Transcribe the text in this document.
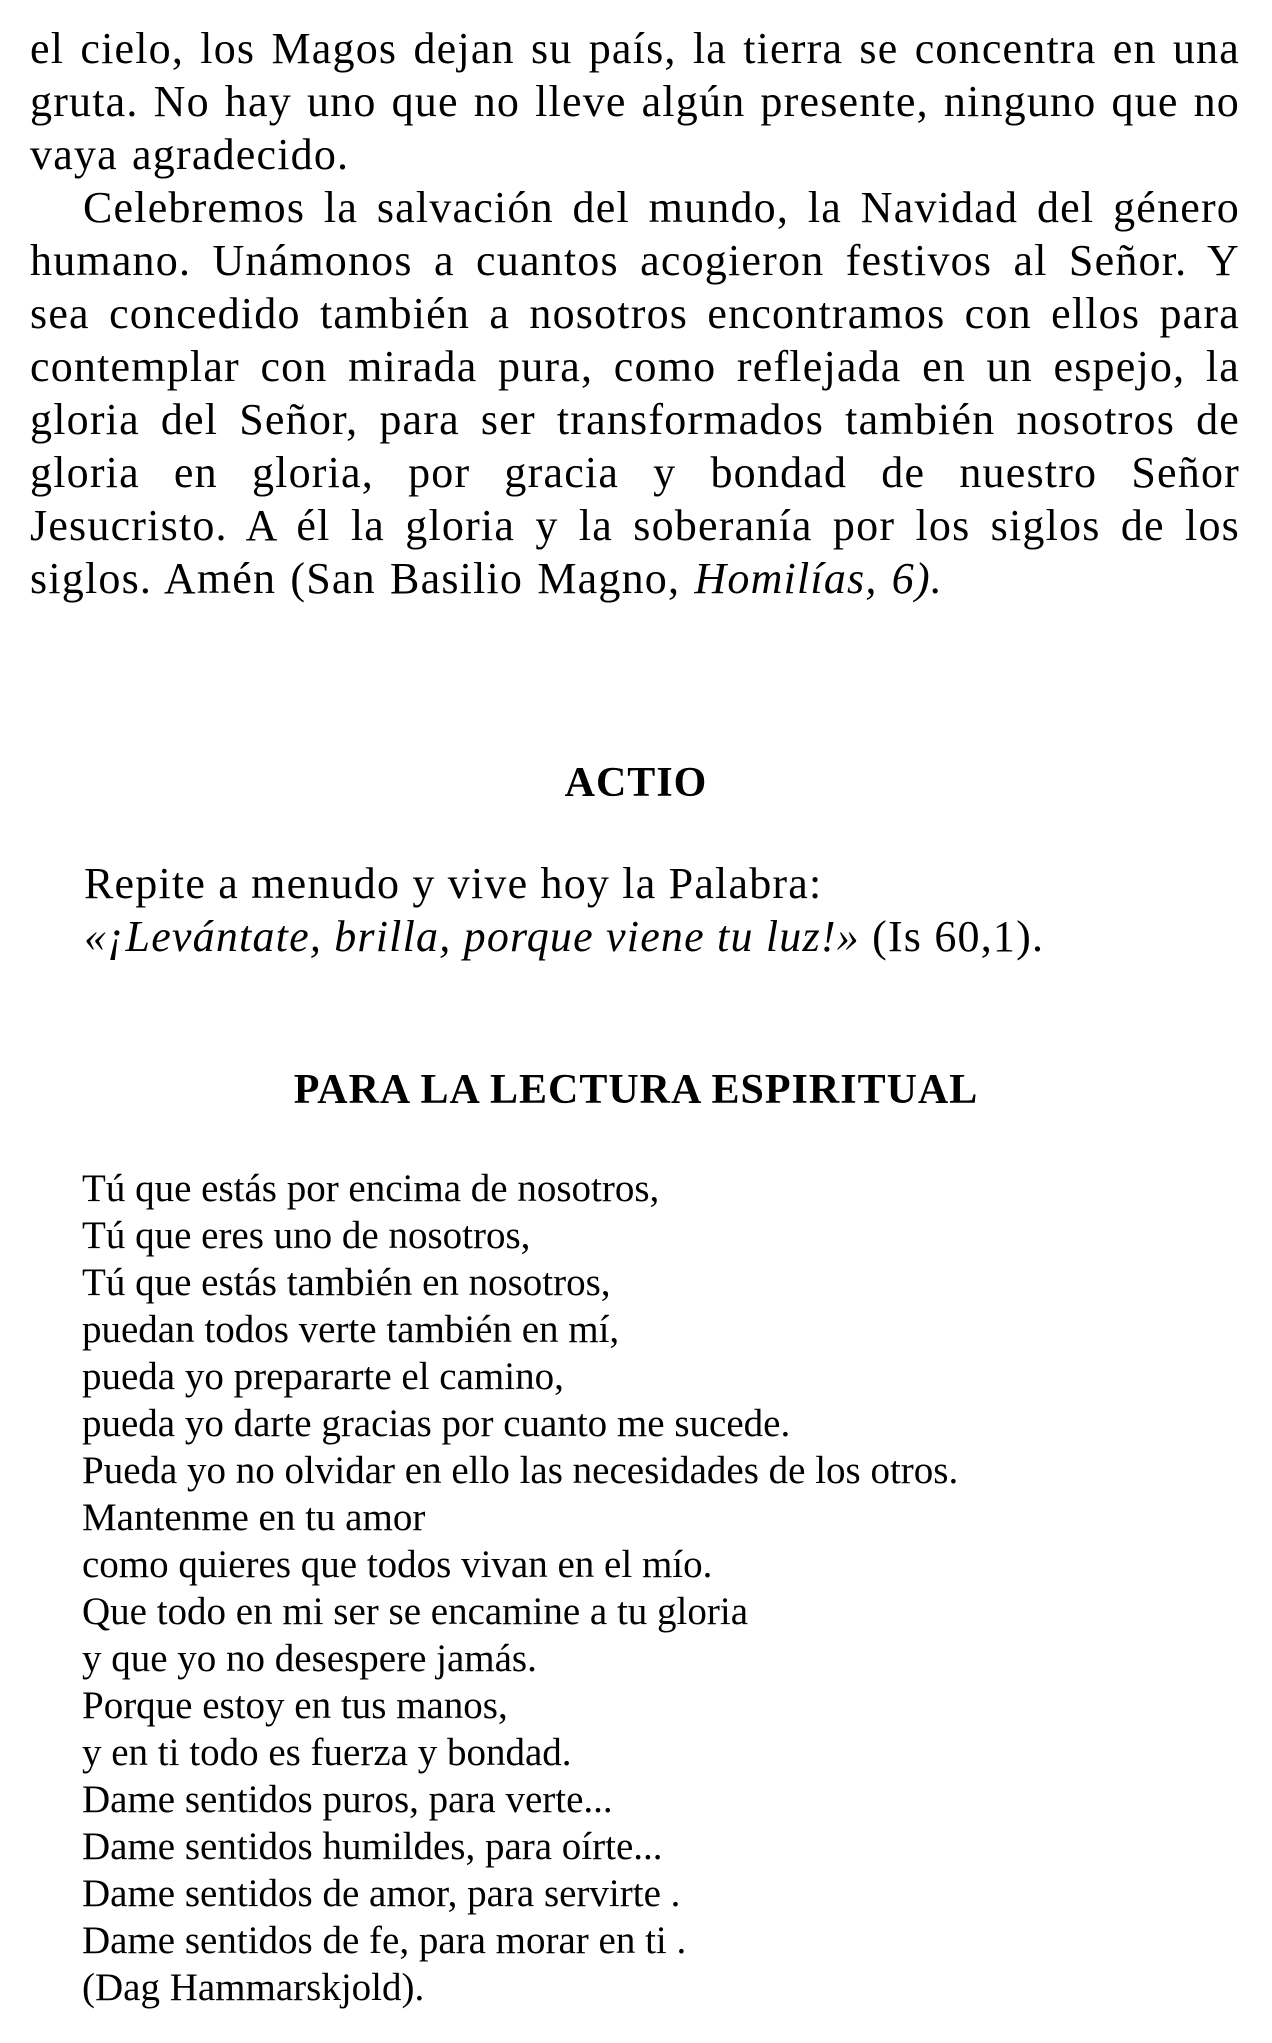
el cielo, los Magos dejan su país, la tierra se concentra en una gruta. No hay uno que no lleve algún presente, ninguno que no vaya agradecido.

Celebremos la salvación del mundo, la Navidad del género humano. Unámonos a cuantos acogieron festivos al Señor. Y sea concedido también a nosotros encontramos con ellos para contemplar con mirada pura, como reflejada en un espejo, la gloria del Señor, para ser transformados también nosotros de gloria en gloria, por gracia y bondad de nuestro Señor Jesucristo. A él la gloria y la soberanía por los siglos de los siglos. Amén (San Basilio Magno, Homilías, 6).

ACTIO
Repite a menudo y vive hoy la Palabra:
«¡Levántate, brilla, porque viene tu luz!» (Is 60,1).
PARA LA LECTURA ESPIRITUAL
Tú que estás por encima de nosotros,
Tú que eres uno de nosotros,
Tú que estás también en nosotros,
puedan todos verte también en mí,
pueda yo prepararte el camino,
pueda yo darte gracias por cuanto me sucede.
Pueda yo no olvidar en ello las necesidades de los otros.
Mantenme en tu amor
como quieres que todos vivan en el mío.
Que todo en mi ser se encamine a tu gloria
y que yo no desespere jamás.
Porque estoy en tus manos,
y en ti todo es fuerza y bondad.
Dame sentidos puros, para verte...
Dame sentidos humildes, para oírte...
Dame sentidos de amor, para servirte .
Dame sentidos de fe, para morar en ti .
(Dag Hammarskjold).
